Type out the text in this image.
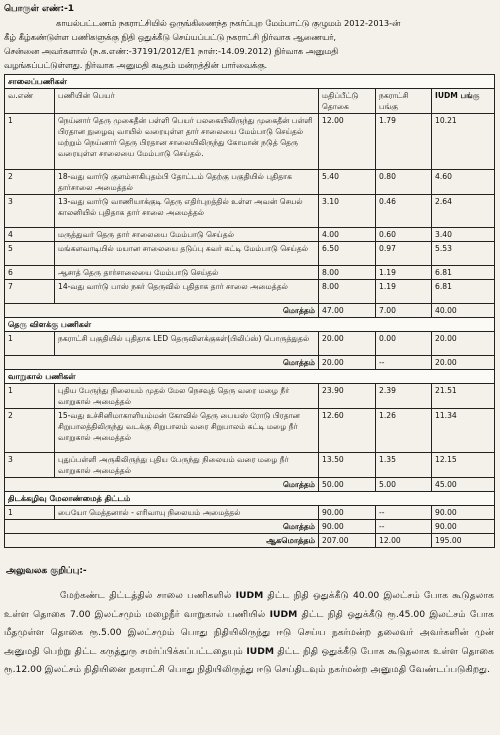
பொருள் எண்:-1
காயல்பட்டணம் நகராட்சியில் ஒருங்கிணைந்த நகர்ப்புற மேம்பாட்டு குழுமம் 2012-2013-ன்
கீழ் கீழ்கண்டுள்ள பணிகளுக்கு நிதி ஒதுக்கீடு செய்யப்பட்டு நகராட்சி நிர்வாக ஆணையர்,
சென்னை அவர்களால் (ந.க.எண்:-37191/2012/E1 நாள்:-14.09.2012) நிர்வாக அனுமதி
வழங்கப்பட்டுள்ளது. நிர்வாக அனுமதி கடிதம் மன்றத்தின் பார்வைக்கு.
சாலைப்பணிகள்				
வ.எண்	பணியின் பெயர்	மதிப்பீட்டு தொகை	நகராட்சி பங்கு	IUDM பங்கு
1	நெய்னார் தெரு முகைதீன் பள்ளி பெயர் பலகையிலிருந்து முகைதீன் பள்ளி பிரதான நுழைவு வாயில் வரையுள்ள தார் சாலையை மேம்பாடு செய்தல் மற்றும் நெய்னார் தெரு பிரதான சாலையிலிருந்து கோமான் நடுத் தெரு வரையுள்ள சாலையை மேம்பாடு செய்தல்.	12.00	1.79	10.21
2	18-வது வார்டு குளம்சாகிபுதம்பி தோட்டம் தெற்கு பகுதியில் புதிதாக தார்சாலை அமைத்தல்	5.40	0.80	4.60
3	13-வது வார்டு வாணியாக்குடி தெரு எதிர்புறத்தில் உள்ள அவன் செயல் காலனியில் புதிதாக தார் சாலை அமைத்தல்	3.10	0.46	2.64
4	மருத்துவர் தெரு தார் சாலையை மேம்பாடு செய்தல்	4.00	0.60	3.40
5	மங்களவாடியில் மயான சாலையை தடுப்பு சுவர் கட்டி மேம்பாடு செய்தல்	6.50	0.97	5.53
6	ஆசாத் தெரு தார்சாலையை மேம்பாடு செய்தல்	8.00	1.19	6.81
7	14-வது வார்டு பாஸ் நகர் தெருவில் புதிதாக தார் சாலை அமைத்தல்	8.00	1.19	6.81
மொத்தம்		47.00	7.00	40.00
தெரு விளக்கு பணிகள்				
1	நகராட்சி பகுதியில் புதிதாக LED தெருவிளக்குகள்(பிலிப்ஸ்) பொருத்துதல்	20.00	0.00	20.00
மொத்தம்		20.00	--	20.00
வாறுகால் பணிகள்				
1	புதிய பேருந்து நிலையம் முதல் மேல நெசவுத் தெரு வரை மழை நீர் வாறுகால் அமைத்தல்	23.90	2.39	21.51
2	15-வது உச்சினிமாகாளியம்மன் கோவில் தெரு பையஸ் ரோடு பிரதான சிறுபாலத்திலிருந்து வடக்கு சிறுபாலம் வரை சிறுபாலம் கட்டி மழை நீர் வாறுகால் அமைத்தல்	12.60	1.26	11.34
3	புதுப்பள்ளி அருகிலிருந்து புதிய பேருந்து நிலையம் வரை மழை நீர் வாறுகால் அமைத்தல்	13.50	1.35	12.15
மொத்தம்		50.00	5.00	45.00
திடக்கழிவு மேலாண்மைத் திட்டம்				
1	பையோ மெத்தனால் - எரிவாயு நிலையம் அமைத்தல்	90.00	--	90.00
மொத்தம்		90.00	--	90.00
ஆகமொத்தம்		207.00	12.00	195.00
அலுவலக குறிப்பு:-
மேற்கண்ட திட்டத்தில் சாலை பணிகளில் IUDM திட்ட நிதி ஒதுக்கீடு 40.00 இலட்சம் போக கூடுதலாக உள்ள தொகை 7.00 இலட்சமும் மழைநீர் வாறுகால் பணியில் IUDM திட்ட நிதி ஒதுக்கீடு ரூ.45.00 இலட்சம் போக மீதமுள்ள தொகை ரூ.5.00 இலட்சமும் பொது நிதியிலிருந்து ஈடு செய்ய நகர்மன்ற தலைவர் அவர்களின் முன் அனுமதி பெற்று திட்ட கருத்துரு சமர்ப்பிக்கப்பட்டதையும் IUDM திட்ட நிதி ஒதுக்கீடு போக கூடுதலாக உள்ள தொகை ரூ.12.00 இலட்சம் நிதியினை நகராட்சி பொது நிதியிலிருந்து ஈடு செய்திடவும் நகர்மன்ற அனுமதி வேண்டப்படுகிறது.
